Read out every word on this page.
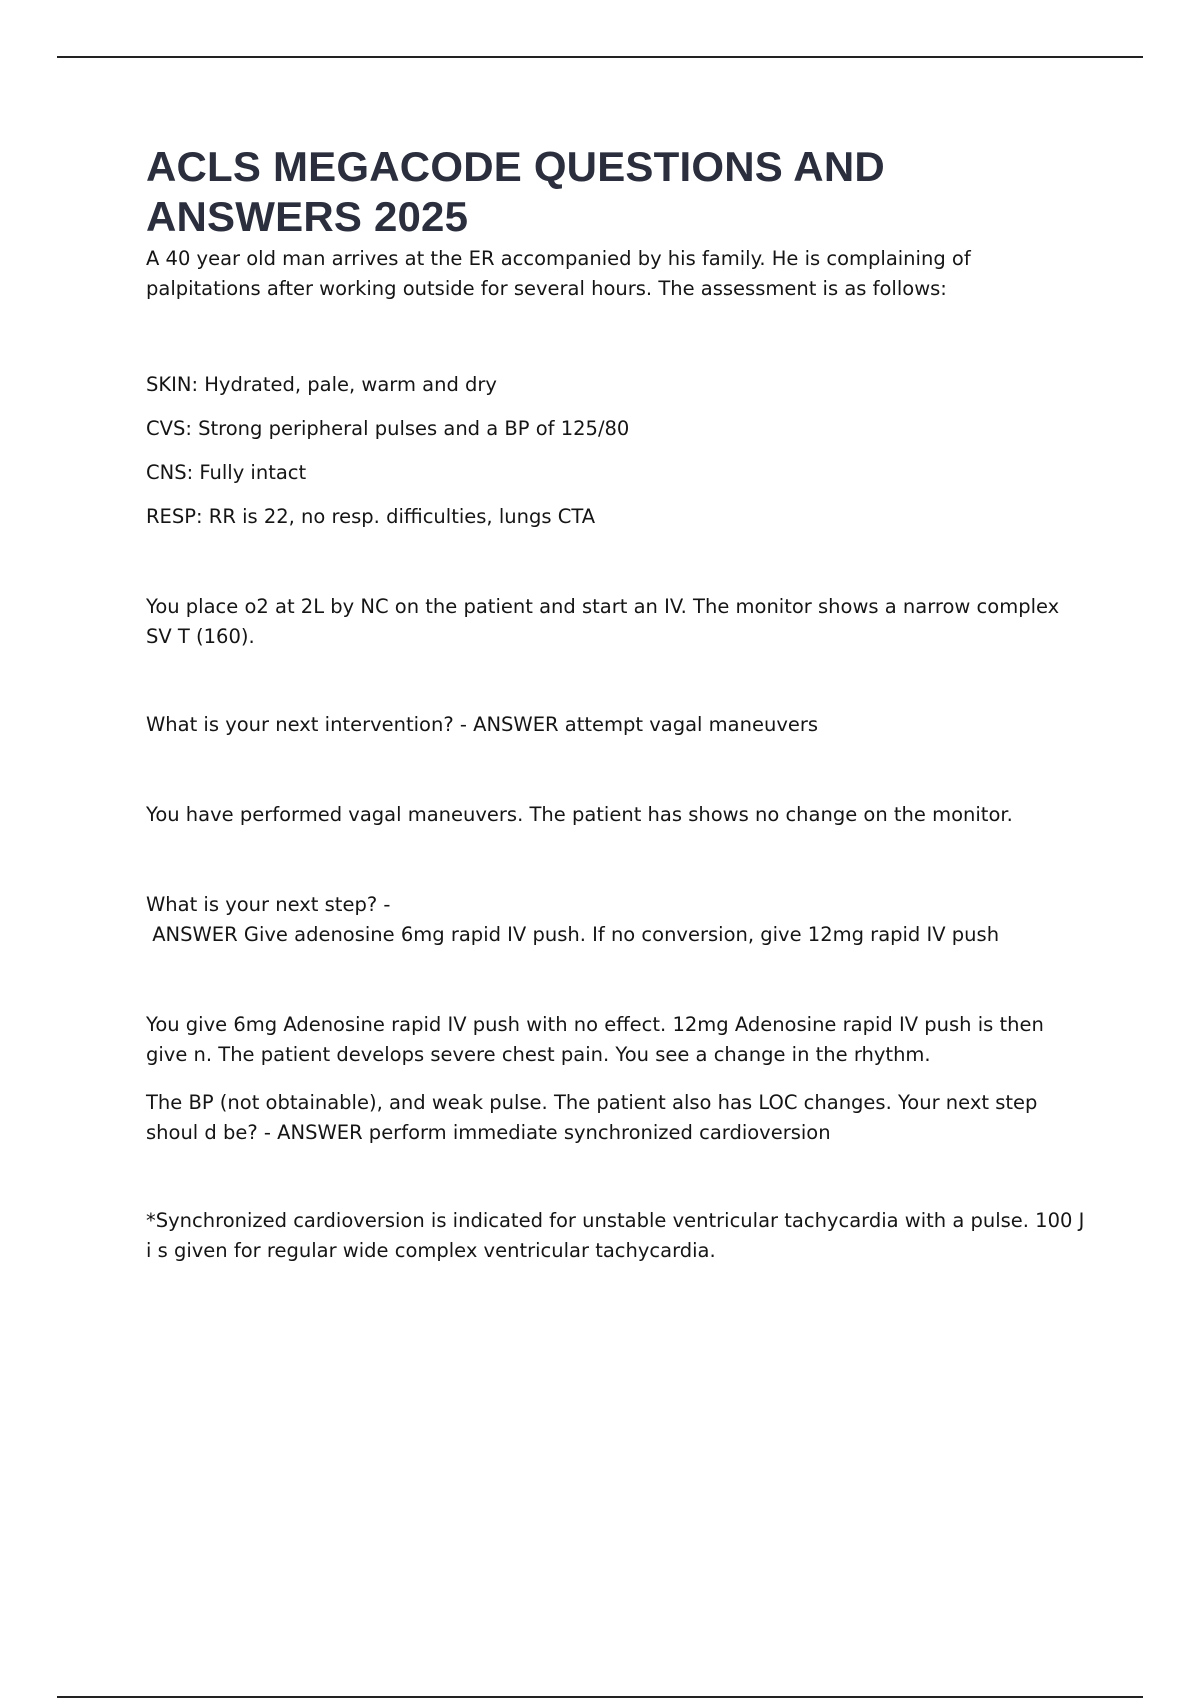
ACLS MEGACODE QUESTIONS AND ANSWERS 2025

A 40 year old man arrives at the ER accompanied by his family. He is complaining of palpitations after working outside for several hours. The assessment is as follows:

SKIN: Hydrated, pale, warm and dry

CVS: Strong peripheral pulses and a BP of 125/80

CNS: Fully intact

RESP: RR is 22, no resp. difficulties, lungs CTA

You place o2 at 2L by NC on the patient and start an IV. The monitor shows a narrow complex SV T (160).

What is your next intervention? - ANSWER attempt vagal maneuvers

You have performed vagal maneuvers. The patient has shows no change on the monitor.

What is your next step? -

ANSWER Give adenosine 6mg rapid IV push. If no conversion, give 12mg rapid IV push

You give 6mg Adenosine rapid IV push with no effect. 12mg Adenosine rapid IV push is then give n. The patient develops severe chest pain. You see a change in the rhythm.

The BP (not obtainable), and weak pulse. The patient also has LOC changes. Your next step shoul d be? - ANSWER perform immediate synchronized cardioversion

*Synchronized cardioversion is indicated for unstable ventricular tachycardia with a pulse. 100 J i s given for regular wide complex ventricular tachycardia.
